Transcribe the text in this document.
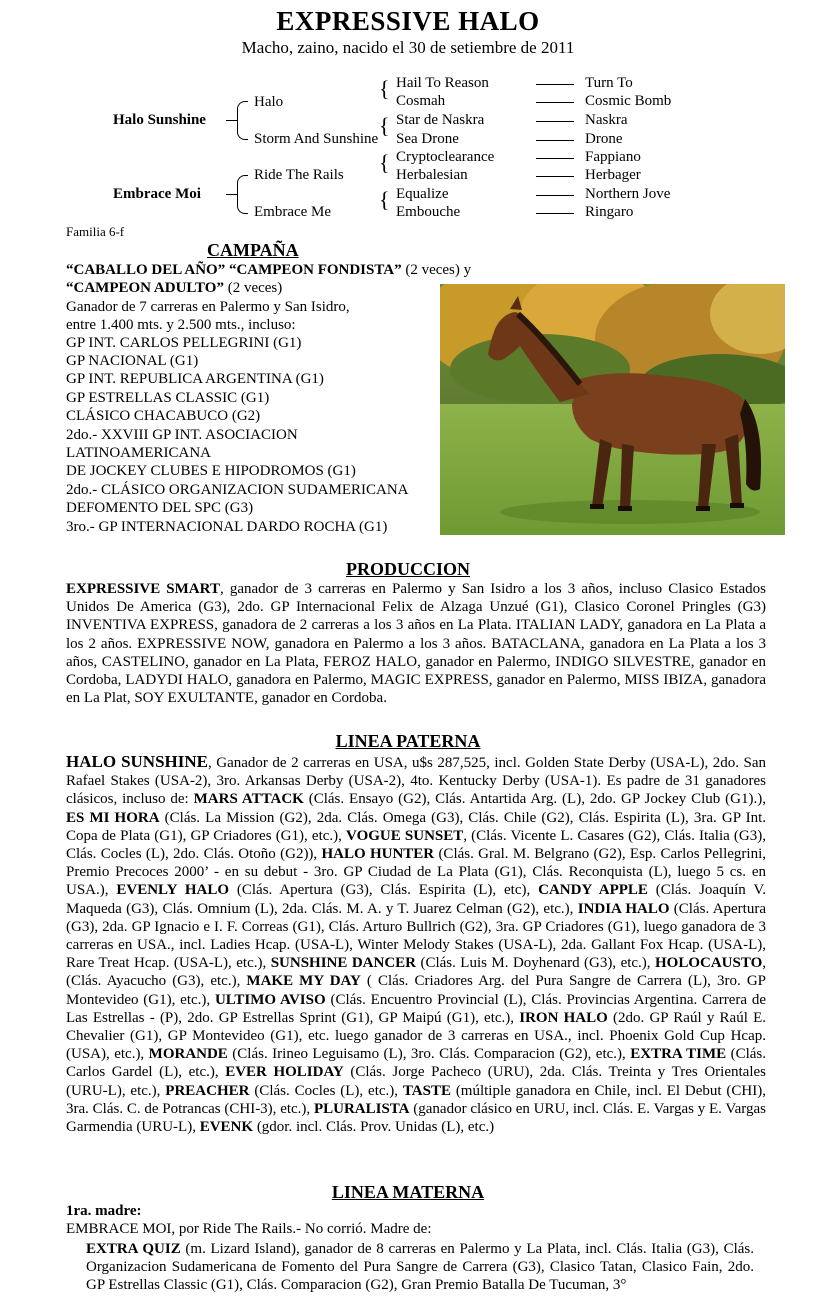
EXPRESSIVE HALO
Macho, zaino, nacido el 30 de setiembre de 2011
Halo Sunshine
Embrace Moi
Halo
Storm And Sunshine
Ride The Rails
Embrace Me
{
{
{
{
Hail To Reason
Cosmah
Star de Naskra
Sea Drone
Cryptoclearance
Herbalesian
Equalize
Embouche
Turn To
Cosmic Bomb
Naskra
Drone
Fappiano
Herbager
Northern Jove
Ringaro
Familia 6-f
CAMPAÑA
“CABALLO DEL AÑO” “CAMPEON FONDISTA” (2 veces) y
“CAMPEON ADULTO” (2 veces)
Ganador de 7 carreras en Palermo y San Isidro,
entre 1.400 mts. y 2.500 mts., incluso:
GP INT. CARLOS PELLEGRINI (G1)
GP NACIONAL (G1)
GP INT. REPUBLICA ARGENTINA (G1)
GP ESTRELLAS CLASSIC (G1)
CLÁSICO CHACABUCO (G2)
2do.- XXVIII GP INT. ASOCIACION
LATINOAMERICANA
DE JOCKEY CLUBES E HIPODROMOS (G1)
2do.- CLÁSICO ORGANIZACION SUDAMERICANA
DEFOMENTO DEL SPC (G3)
3ro.- GP INTERNACIONAL DARDO ROCHA (G1)
PRODUCCION
EXPRESSIVE SMART, ganador de 3 carreras en Palermo y San Isidro a los 3 años, incluso Clasico Estados Unidos De America (G3), 2do. GP Internacional Felix de Alzaga Unzué (G1), Clasico Coronel Pringles (G3) INVENTIVA EXPRESS, ganadora de 2 carreras a los 3 años en La Plata. ITALIAN LADY, ganadora en La Plata a los 2 años. EXPRESSIVE NOW, ganadora en Palermo a los 3 años. BATACLANA, ganadora en La Plata a los 3 años, CASTELINO, ganador en La Plata, FEROZ HALO, ganador en Palermo, INDIGO SILVESTRE, ganador en Cordoba, LADYDI HALO, ganadora en Palermo, MAGIC EXPRESS, ganador en Palermo, MISS IBIZA, ganadora en La Plat, SOY EXULTANTE, ganador en Cordoba.
LINEA PATERNA
HALO SUNSHINE, Ganador de 2 carreras en USA, u$s 287,525, incl. Golden State Derby (USA-L), 2do. San Rafael Stakes (USA-2), 3ro. Arkansas Derby (USA-2), 4to. Kentucky Derby (USA-1). Es padre de 31 ganadores clásicos, incluso de: MARS ATTACK (Clás. Ensayo (G2), Clás. Antartida Arg. (L), 2do. GP Jockey Club (G1).), ES MI HORA (Clás. La Mission (G2), 2da. Clás. Omega (G3), Clás. Chile (G2), Clás. Espirita (L), 3ra. GP Int. Copa de Plata (G1), GP Criadores (G1), etc.), VOGUE SUNSET, (Clás. Vicente L. Casares (G2), Clás. Italia (G3), Clás. Cocles (L), 2do. Clás. Otoño (G2)), HALO HUNTER (Clás. Gral. M. Belgrano (G2), Esp. Carlos Pellegrini, Premio Precoces 2000’ - en su debut - 3ro. GP Ciudad de La Plata (G1), Clás. Reconquista (L), luego 5 cs. en USA.), EVENLY HALO (Clás. Apertura (G3), Clás. Espirita (L), etc), CANDY APPLE (Clás. Joaquín V. Maqueda (G3), Clás. Omnium (L), 2da. Clás. M. A. y T. Juarez Celman (G2), etc.), INDIA HALO (Clás. Apertura (G3), 2da. GP Ignacio e I. F. Correas (G1), Clás. Arturo Bullrich (G2), 3ra. GP Criadores (G1), luego ganadora de 3 carreras en USA., incl. Ladies Hcap. (USA-L), Winter Melody Stakes (USA-L), 2da. Gallant Fox Hcap. (USA-L), Rare Treat Hcap. (USA-L), etc.), SUNSHINE DANCER (Clás. Luis M. Doyhenard (G3), etc.), HOLOCAUSTO, (Clás. Ayacucho (G3), etc.), MAKE MY DAY ( Clás. Criadores Arg. del Pura Sangre de Carrera (L), 3ro. GP Montevideo (G1), etc.), ULTIMO AVISO (Clás. Encuentro Provincial (L), Clás. Provincias Argentina. Carrera de Las Estrellas - (P), 2do. GP Estrellas Sprint (G1), GP Maipú (G1), etc.), IRON HALO (2do. GP Raúl y Raúl E. Chevalier (G1), GP Montevideo (G1), etc. luego ganador de 3 carreras en USA., incl. Phoenix Gold Cup Hcap. (USA), etc.), MORANDE (Clás. Irineo Leguisamo (L), 3ro. Clás. Comparacion (G2), etc.), EXTRA TIME (Clás. Carlos Gardel (L), etc.), EVER HOLIDAY (Clás. Jorge Pacheco (URU), 2da. Clás. Treinta y Tres Orientales (URU-L), etc.), PREACHER (Clás. Cocles (L), etc.), TASTE (múltiple ganadora en Chile, incl. El Debut (CHI), 3ra. Clás. C. de Potrancas (CHI-3), etc.), PLURALISTA (ganador clásico en URU, incl. Clás. E. Vargas y E. Vargas Garmendia (URU-L), EVENK (gdor. incl. Clás. Prov. Unidas (L), etc.)
LINEA MATERNA
1ra. madre:
EMBRACE MOI, por Ride The Rails.- No corrió. Madre de:
EXTRA QUIZ (m. Lizard Island), ganador de 8 carreras en Palermo y La Plata, incl. Clás. Italia (G3), Clás. Organizacion Sudamericana de Fomento del Pura Sangre de Carrera (G3), Clasico Tatan, Clasico Fain, 2do. GP Estrellas Classic (G1), Clás. Comparacion (G2), Gran Premio Batalla De Tucuman, 3°
